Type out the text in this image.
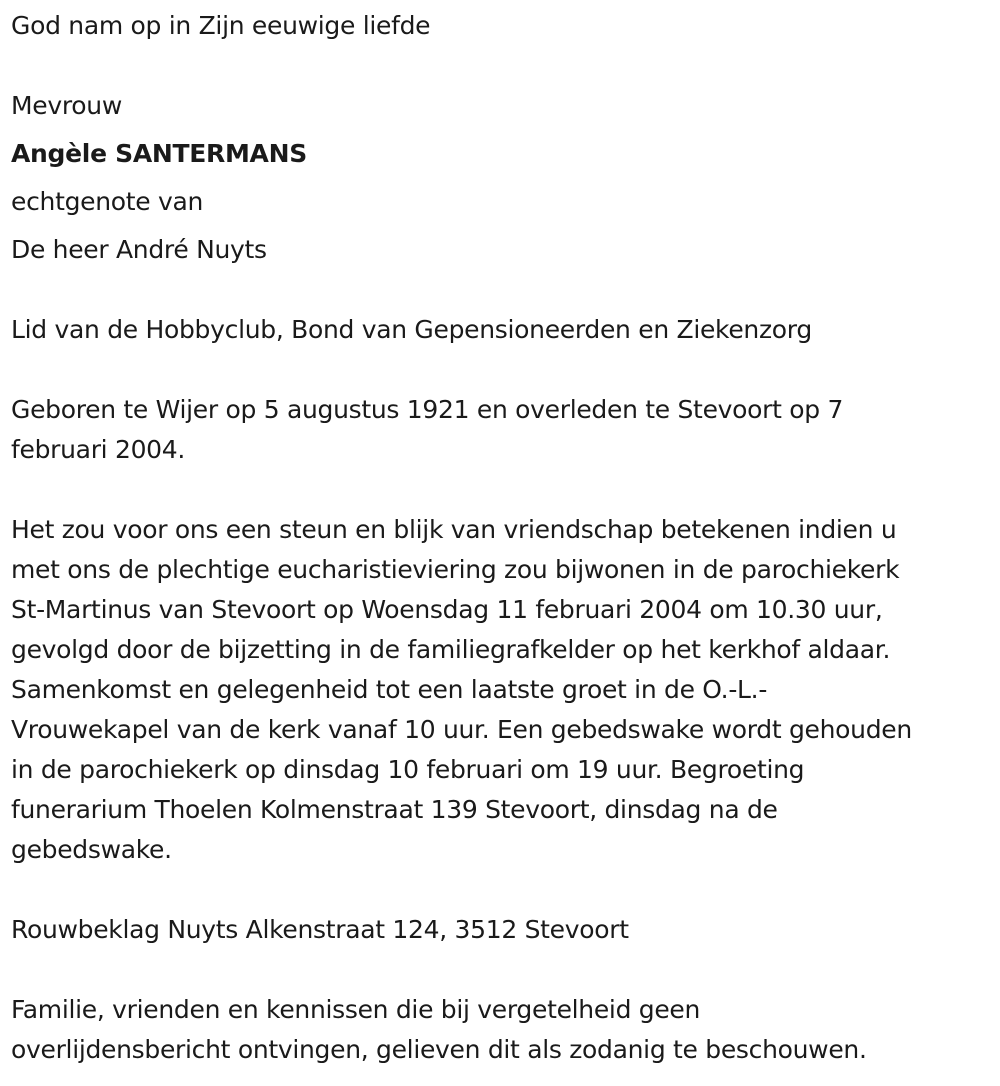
God nam op in Zijn eeuwige liefde

Mevrouw

Angèle SANTERMANS

echtgenote van

De heer André Nuyts

Lid van de Hobbyclub, Bond van Gepensioneerden en Ziekenzorg

Geboren te Wijer op 5 augustus 1921 en overleden te Stevoort op 7

februari 2004.

Het zou voor ons een steun en blijk van vriendschap betekenen indien u

met ons de plechtige eucharistieviering zou bijwonen in de parochiekerk

St-Martinus van Stevoort op Woensdag 11 februari 2004 om 10.30 uur,

gevolgd door de bijzetting in de familiegrafkelder op het kerkhof aldaar.

Samenkomst en gelegenheid tot een laatste groet in de O.-L.-

Vrouwekapel van de kerk vanaf 10 uur. Een gebedswake wordt gehouden

in de parochiekerk op dinsdag 10 februari om 19 uur. Begroeting

funerarium Thoelen Kolmenstraat 139 Stevoort, dinsdag na de

gebedswake.

Rouwbeklag Nuyts Alkenstraat 124, 3512 Stevoort

Familie, vrienden en kennissen die bij vergetelheid geen

overlijdensbericht ontvingen, gelieven dit als zodanig te beschouwen.
